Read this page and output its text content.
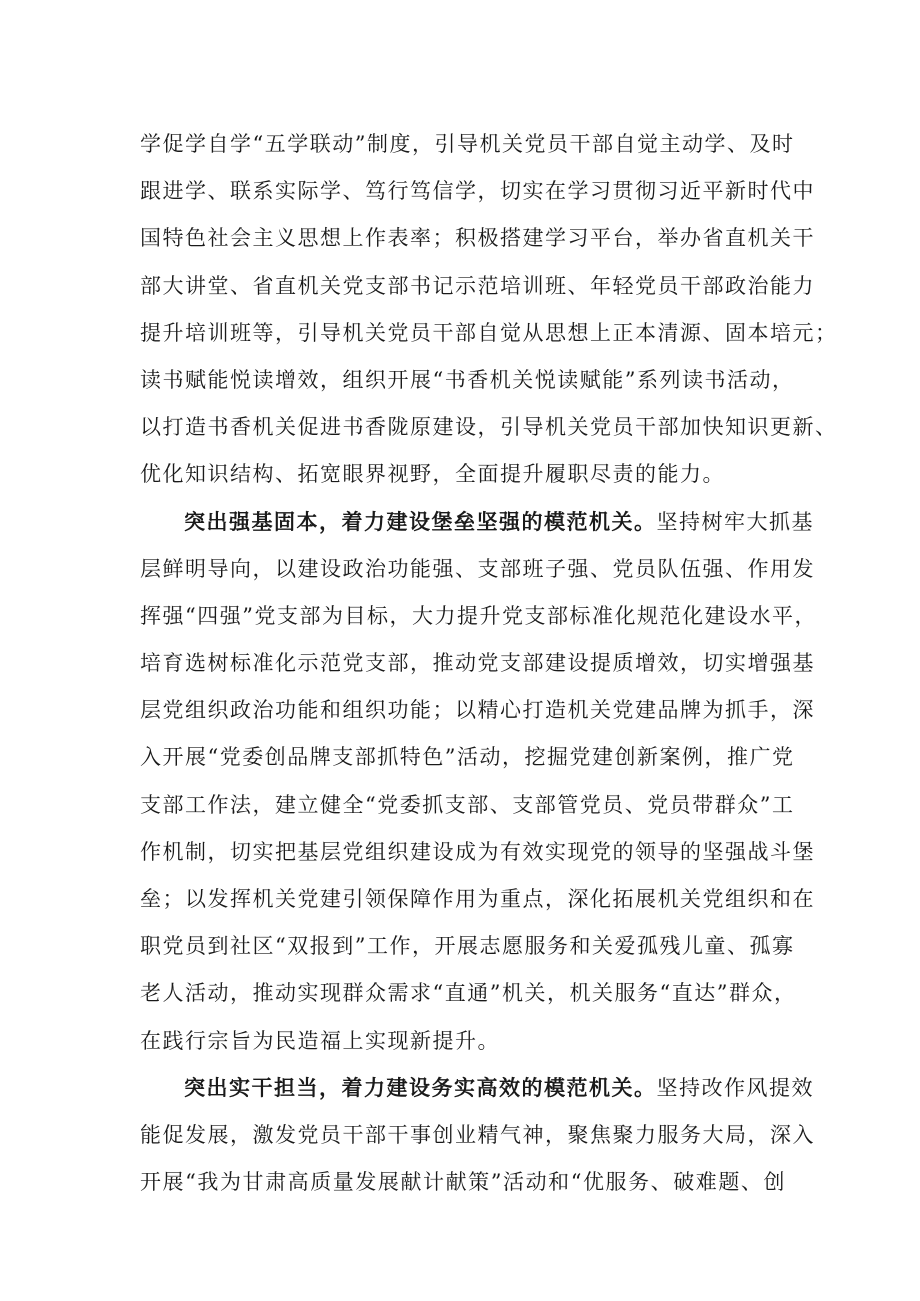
学促学自学“五学联动”制度，引导机关党员干部自觉主动学、及时
跟进学、联系实际学、笃行笃信学，切实在学习贯彻习近平新时代中
国特色社会主义思想上作表率；积极搭建学习平台，举办省直机关干
部大讲堂、省直机关党支部书记示范培训班、年轻党员干部政治能力
提升培训班等，引导机关党员干部自觉从思想上正本清源、固本培元；
读书赋能悦读增效，组织开展“书香机关悦读赋能”系列读书活动，
以打造书香机关促进书香陇原建设，引导机关党员干部加快知识更新、
优化知识结构、拓宽眼界视野，全面提升履职尽责的能力。
突出强基固本，着力建设堡垒坚强的模范机关。坚持树牢大抓基
层鲜明导向，以建设政治功能强、支部班子强、党员队伍强、作用发
挥强“四强”党支部为目标，大力提升党支部标准化规范化建设水平，
培育选树标准化示范党支部，推动党支部建设提质增效，切实增强基
层党组织政治功能和组织功能；以精心打造机关党建品牌为抓手，深
入开展“党委创品牌支部抓特色”活动，挖掘党建创新案例，推广党
支部工作法，建立健全“党委抓支部、支部管党员、党员带群众”工
作机制，切实把基层党组织建设成为有效实现党的领导的坚强战斗堡
垒；以发挥机关党建引领保障作用为重点，深化拓展机关党组织和在
职党员到社区“双报到”工作，开展志愿服务和关爱孤残儿童、孤寡
老人活动，推动实现群众需求“直通”机关，机关服务“直达”群众，
在践行宗旨为民造福上实现新提升。
突出实干担当，着力建设务实高效的模范机关。坚持改作风提效
能促发展，激发党员干部干事创业精气神，聚焦聚力服务大局，深入
开展“我为甘肃高质量发展献计献策”活动和“优服务、破难题、创
